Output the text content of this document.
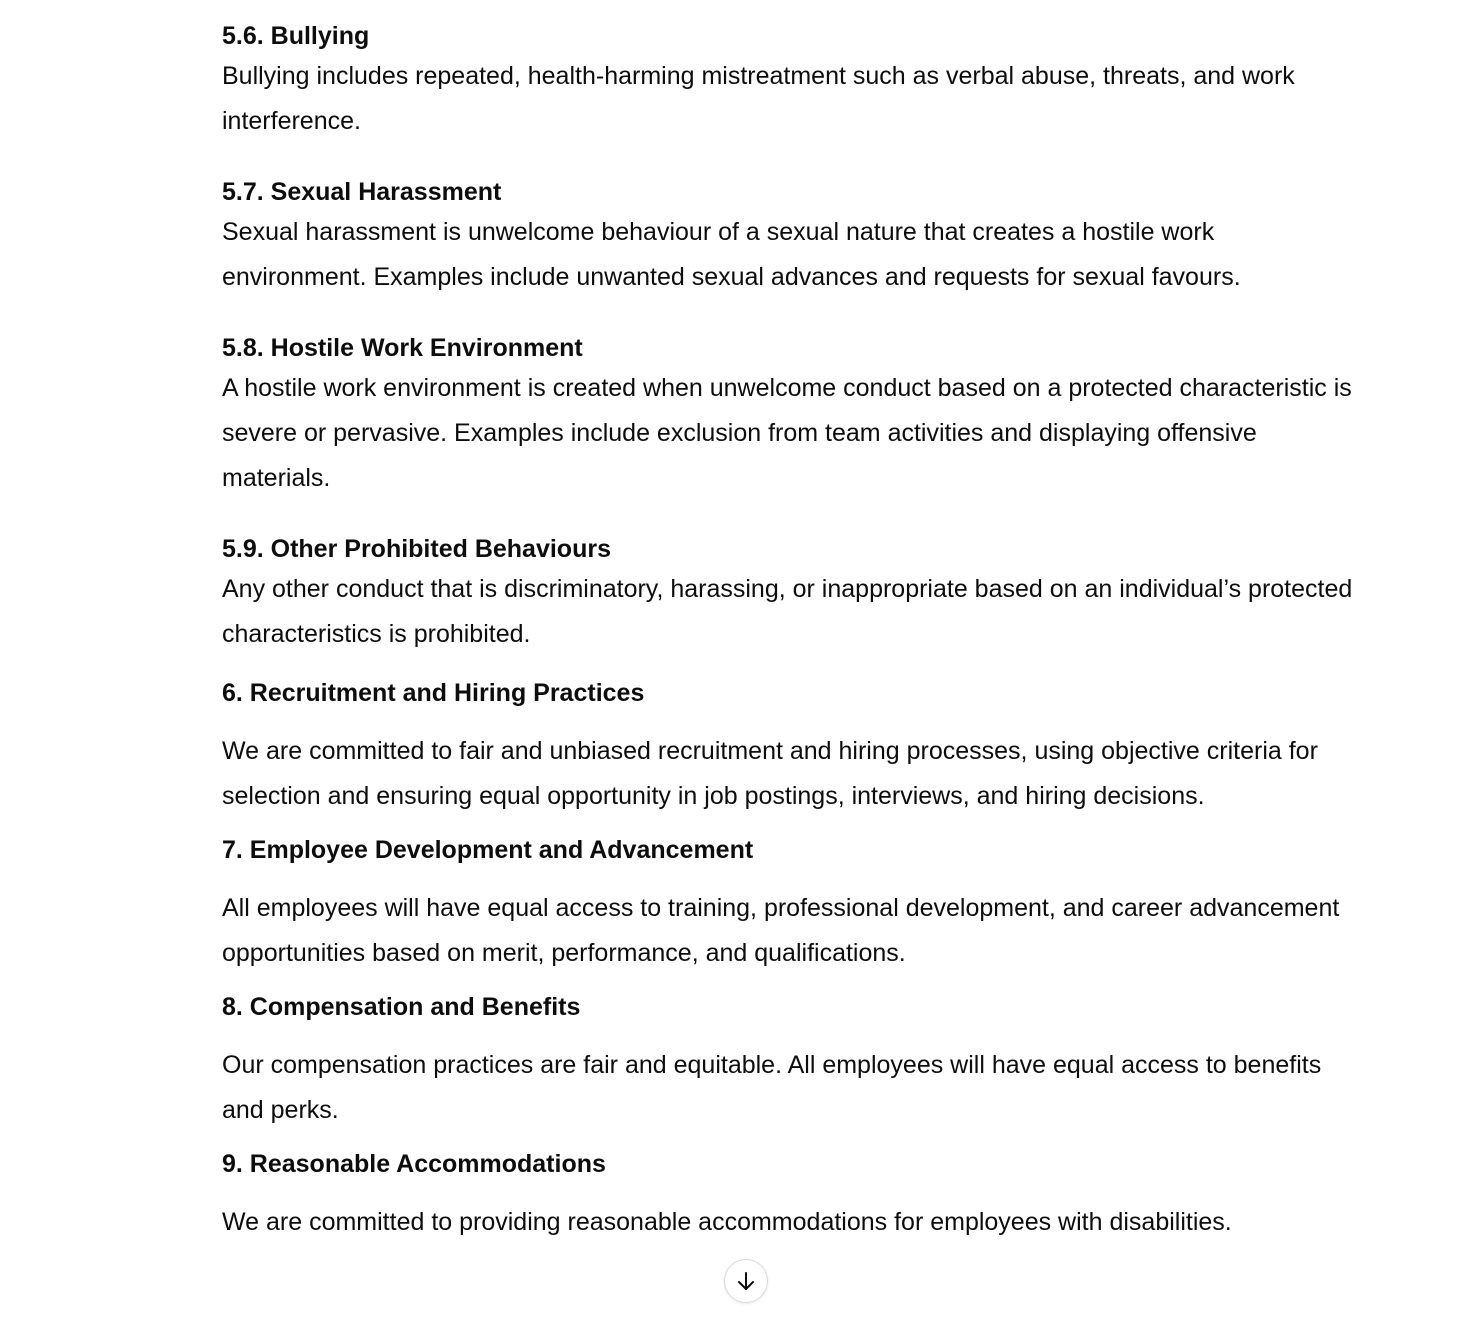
5.6. Bullying

Bullying includes repeated, health-harming mistreatment such as verbal abuse, threats, and work interference.

5.7. Sexual Harassment

Sexual harassment is unwelcome behaviour of a sexual nature that creates a hostile work environment. Examples include unwanted sexual advances and requests for sexual favours.

5.8. Hostile Work Environment

A hostile work environment is created when unwelcome conduct based on a protected characteristic is severe or pervasive. Examples include exclusion from team activities and displaying offensive materials.

5.9. Other Prohibited Behaviours

Any other conduct that is discriminatory, harassing, or inappropriate based on an individual’s protected characteristics is prohibited.

6. Recruitment and Hiring Practices

We are committed to fair and unbiased recruitment and hiring processes, using objective criteria for selection and ensuring equal opportunity in job postings, interviews, and hiring decisions.

7. Employee Development and Advancement

All employees will have equal access to training, professional development, and career advancement opportunities based on merit, performance, and qualifications.

8. Compensation and Benefits

Our compensation practices are fair and equitable. All employees will have equal access to benefits and perks.

9. Reasonable Accommodations

We are committed to providing reasonable accommodations for employees with disabilities.
